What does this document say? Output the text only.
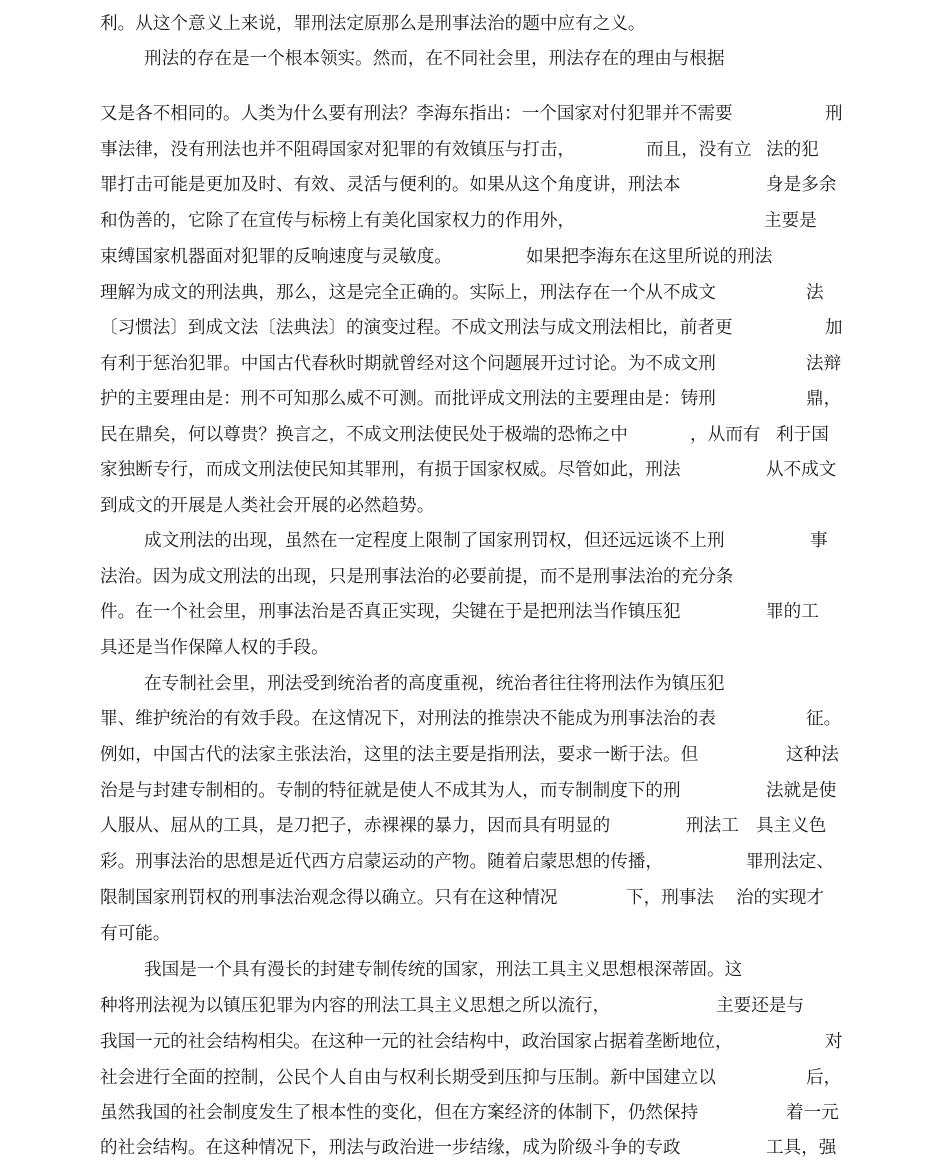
利。从这个意义上来说，罪刑法定原那么是刑事法治的题中应有之义。
刑法的存在是一个根本领实。然而，在不同社会里，刑法存在的理由与根据
又是各不相同的。人类为什么要有刑法？李海东指出：一个国家对付犯罪并不需要	刑
事法律，没有刑法也并不阻碍国家对犯罪的有效镇压与打击，	而且，没有立 法的犯
罪打击可能是更加及时、有效、灵活与便利的。如果从这个角度讲，刑法本	身是多余
和伪善的，它除了在宣传与标榜上有美化国家权力的作用外，	主要是
束缚国家机器面对犯罪的反响速度与灵敏度。	如果把李海东在这里所说的刑法
理解为成文的刑法典，那么，这是完全正确的。实际上，刑法存在一个从不成文	法
〔习惯法〕到成文法〔法典法〕的演变过程。不成文刑法与成文刑法相比，前者更	加
有利于惩治犯罪。中国古代春秋时期就曾经对这个问题展开过讨论。为不成文刑	法辩
护的主要理由是：刑不可知那么威不可测。而批评成文刑法的主要理由是：铸刑	鼎，
民在鼎矣，何以尊贵？换言之，不成文刑法使民处于极端的恐怖之中	，从而有 利于国
家独断专行，而成文刑法使民知其罪刑，有损于国家权威。尽管如此，刑法	从不成文
到成文的开展是人类社会开展的必然趋势。
成文刑法的出现，虽然在一定程度上限制了国家刑罚权，但还远远谈不上刑	事
法治。因为成文刑法的出现，只是刑事法治的必要前提，而不是刑事法治的充分条
件。在一个社会里，刑事法治是否真正实现，尖键在于是把刑法当作镇压犯	罪的工
具还是当作保障人权的手段。
在专制社会里，刑法受到统治者的高度重视，统治者往往将刑法作为镇压犯
罪、维护统治的有效手段。在这情况下，对刑法的推崇决不能成为刑事法治的表	征。
例如，中国古代的法家主张法治，这里的法主要是指刑法，要求一断于法。但	这种法
治是与封建专制相的。专制的特征就是使人不成其为人，而专制制度下的刑	法就是使
人服从、屈从的工具，是刀把子，赤裸裸的暴力，因而具有明显的	刑法工 具主义色
彩。刑事法治的思想是近代西方启蒙运动的产物。随着启蒙思想的传播，	罪刑法定、
限制国家刑罚权的刑事法治观念得以确立。只有在这种情况	下，刑事法 治的实现才
有可能。
我国是一个具有漫长的封建专制传统的国家，刑法工具主义思想根深蒂固。这
种将刑法视为以镇压犯罪为内容的刑法工具主义思想之所以流行，	主要还是与
我国一元的社会结构相尖。在这种一元的社会结构中，政治国家占据着垄断地位，	对
社会进行全面的控制，公民个人自由与权利长期受到压抑与压制。新中国建立以	后，
虽然我国的社会制度发生了根本性的变化，但在方案经济的体制下，仍然保持	着一元
的社会结构。在这种情况下，刑法与政治进一步结缘，成为阶级斗争的专政	工具，强
